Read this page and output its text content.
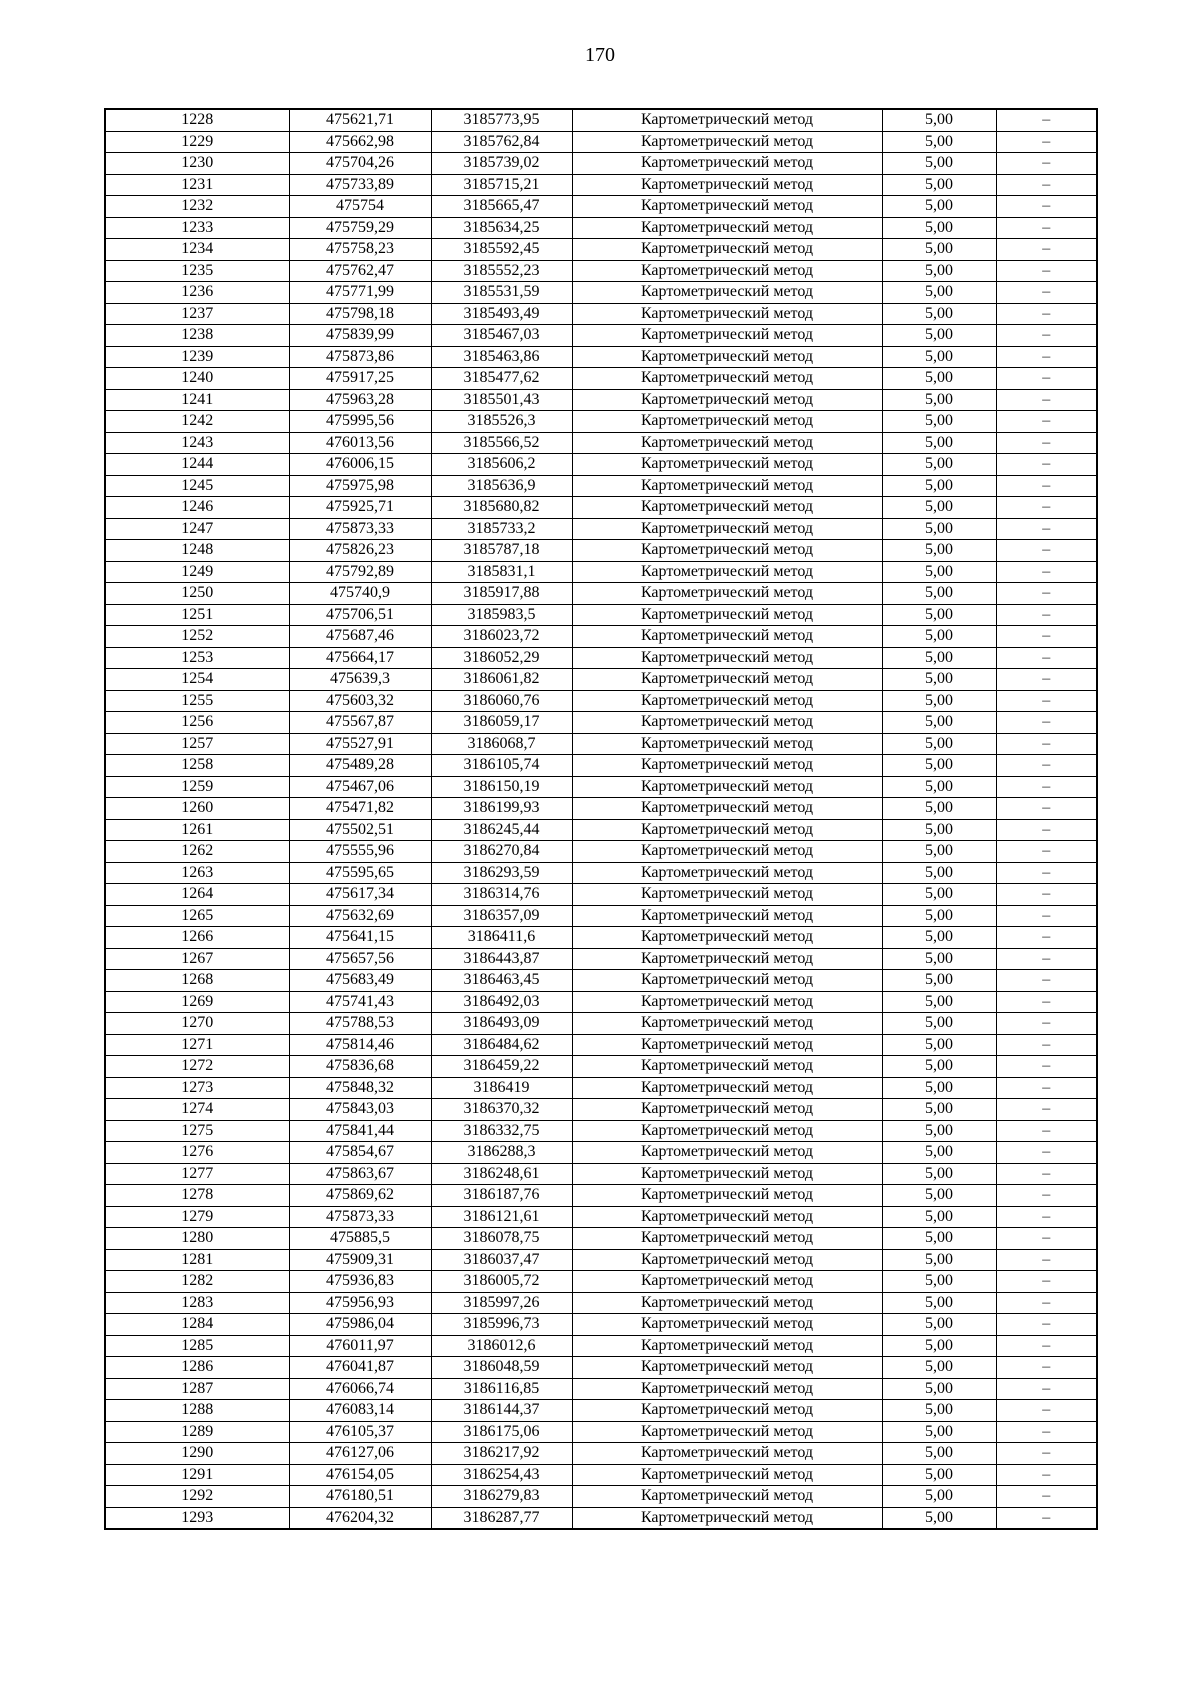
170
1228	475621,71	3185773,95	Картометрический метод	5,00	–
1229	475662,98	3185762,84	Картометрический метод	5,00	–
1230	475704,26	3185739,02	Картометрический метод	5,00	–
1231	475733,89	3185715,21	Картометрический метод	5,00	–
1232	475754	3185665,47	Картометрический метод	5,00	–
1233	475759,29	3185634,25	Картометрический метод	5,00	–
1234	475758,23	3185592,45	Картометрический метод	5,00	–
1235	475762,47	3185552,23	Картометрический метод	5,00	–
1236	475771,99	3185531,59	Картометрический метод	5,00	–
1237	475798,18	3185493,49	Картометрический метод	5,00	–
1238	475839,99	3185467,03	Картометрический метод	5,00	–
1239	475873,86	3185463,86	Картометрический метод	5,00	–
1240	475917,25	3185477,62	Картометрический метод	5,00	–
1241	475963,28	3185501,43	Картометрический метод	5,00	–
1242	475995,56	3185526,3	Картометрический метод	5,00	–
1243	476013,56	3185566,52	Картометрический метод	5,00	–
1244	476006,15	3185606,2	Картометрический метод	5,00	–
1245	475975,98	3185636,9	Картометрический метод	5,00	–
1246	475925,71	3185680,82	Картометрический метод	5,00	–
1247	475873,33	3185733,2	Картометрический метод	5,00	–
1248	475826,23	3185787,18	Картометрический метод	5,00	–
1249	475792,89	3185831,1	Картометрический метод	5,00	–
1250	475740,9	3185917,88	Картометрический метод	5,00	–
1251	475706,51	3185983,5	Картометрический метод	5,00	–
1252	475687,46	3186023,72	Картометрический метод	5,00	–
1253	475664,17	3186052,29	Картометрический метод	5,00	–
1254	475639,3	3186061,82	Картометрический метод	5,00	–
1255	475603,32	3186060,76	Картометрический метод	5,00	–
1256	475567,87	3186059,17	Картометрический метод	5,00	–
1257	475527,91	3186068,7	Картометрический метод	5,00	–
1258	475489,28	3186105,74	Картометрический метод	5,00	–
1259	475467,06	3186150,19	Картометрический метод	5,00	–
1260	475471,82	3186199,93	Картометрический метод	5,00	–
1261	475502,51	3186245,44	Картометрический метод	5,00	–
1262	475555,96	3186270,84	Картометрический метод	5,00	–
1263	475595,65	3186293,59	Картометрический метод	5,00	–
1264	475617,34	3186314,76	Картометрический метод	5,00	–
1265	475632,69	3186357,09	Картометрический метод	5,00	–
1266	475641,15	3186411,6	Картометрический метод	5,00	–
1267	475657,56	3186443,87	Картометрический метод	5,00	–
1268	475683,49	3186463,45	Картометрический метод	5,00	–
1269	475741,43	3186492,03	Картометрический метод	5,00	–
1270	475788,53	3186493,09	Картометрический метод	5,00	–
1271	475814,46	3186484,62	Картометрический метод	5,00	–
1272	475836,68	3186459,22	Картометрический метод	5,00	–
1273	475848,32	3186419	Картометрический метод	5,00	–
1274	475843,03	3186370,32	Картометрический метод	5,00	–
1275	475841,44	3186332,75	Картометрический метод	5,00	–
1276	475854,67	3186288,3	Картометрический метод	5,00	–
1277	475863,67	3186248,61	Картометрический метод	5,00	–
1278	475869,62	3186187,76	Картометрический метод	5,00	–
1279	475873,33	3186121,61	Картометрический метод	5,00	–
1280	475885,5	3186078,75	Картометрический метод	5,00	–
1281	475909,31	3186037,47	Картометрический метод	5,00	–
1282	475936,83	3186005,72	Картометрический метод	5,00	–
1283	475956,93	3185997,26	Картометрический метод	5,00	–
1284	475986,04	3185996,73	Картометрический метод	5,00	–
1285	476011,97	3186012,6	Картометрический метод	5,00	–
1286	476041,87	3186048,59	Картометрический метод	5,00	–
1287	476066,74	3186116,85	Картометрический метод	5,00	–
1288	476083,14	3186144,37	Картометрический метод	5,00	–
1289	476105,37	3186175,06	Картометрический метод	5,00	–
1290	476127,06	3186217,92	Картометрический метод	5,00	–
1291	476154,05	3186254,43	Картометрический метод	5,00	–
1292	476180,51	3186279,83	Картометрический метод	5,00	–
1293	476204,32	3186287,77	Картометрический метод	5,00	–
